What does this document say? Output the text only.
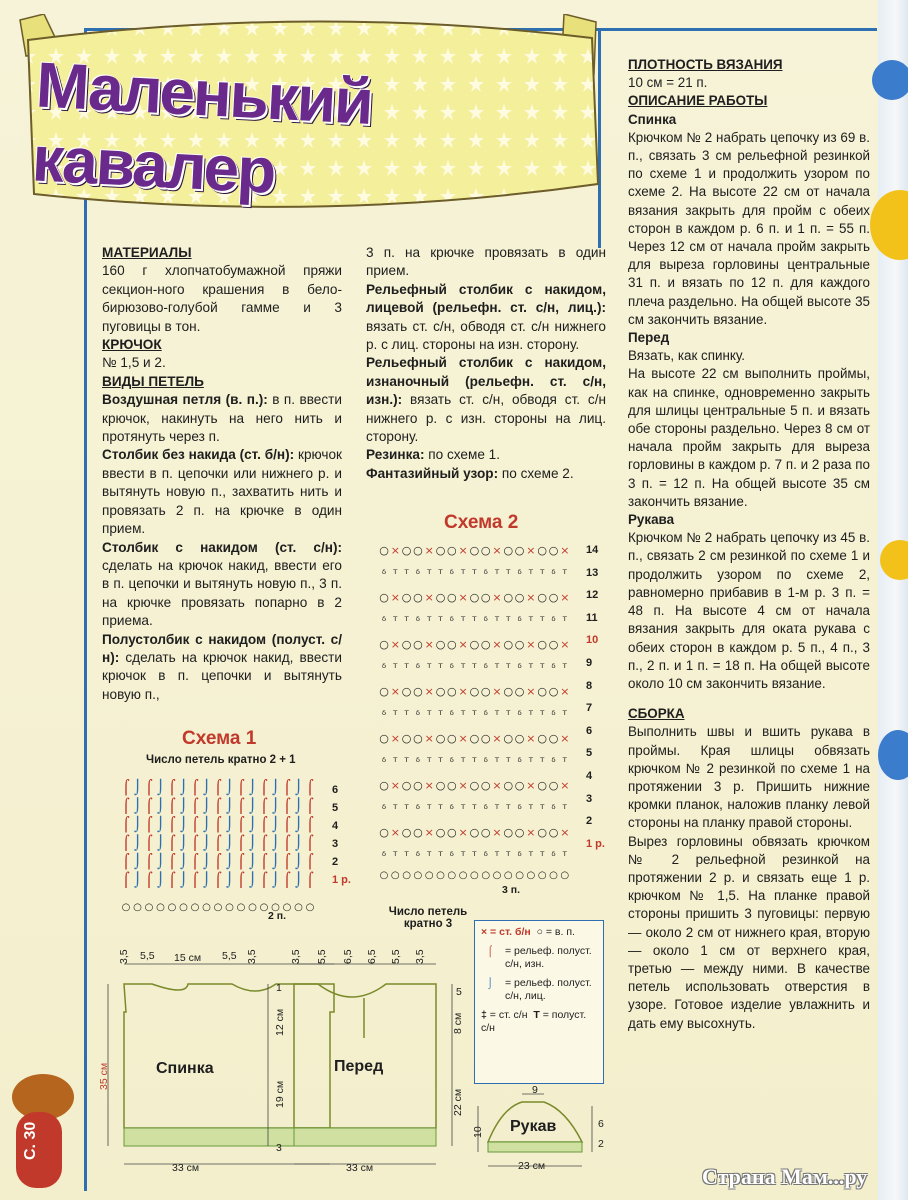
Маленький кавалер

МАТЕРИАЛЫ

160 г хлопчатобумажной пряжи секцион-ного крашения в бело-бирюзово-голубой гамме и 3 пуговицы в тон.

КРЮЧОК

№ 1,5 и 2.

ВИДЫ ПЕТЕЛЬ

Воздушная петля (в. п.): в п. ввести крючок, накинуть на него нить и протянуть через п.

Столбик без накида (ст. б/н): крючок ввести в п. цепочки или нижнего р. и вытянуть новую п., захватить нить и провязать 2 п. на крючке в один прием.

Столбик с накидом (ст. с/н): сделать на крючок накид, ввести его в п. цепочки и вытянуть новую п., 3 п. на крючке провязать попарно в 2 приема.

Полустолбик с накидом (полуст. с/н): сделать на крючок накид, ввести крючок в п. цепочки и вытянуть новую п.,

3 п. на крючке провязать в один прием.

Рельефный столбик с накидом, лицевой (рельефн. ст. с/н, лиц.): вязать ст. с/н, обводя ст. с/н нижнего р. с лиц. стороны на изн. сторону.

Рельефный столбик с накидом, изнаночный (рельефн. ст. с/н, изн.): вязать ст. с/н, обводя ст. с/н нижнего р. с изн. стороны на лиц. сторону.

Резинка: по схеме 1.

Фантазийный узор: по схеме 2.

ПЛОТНОСТЬ ВЯЗАНИЯ

10 см = 21 п.

ОПИСАНИЕ РАБОТЫ

Спинка

Крючком № 2 набрать цепочку из 69 в. п., связать 3 см рельефной резинкой по схеме 1 и продолжить узором по схеме 2. На высоте 22 см от начала вязания закрыть для пройм с обеих сторон в каждом р. 6 п. и 1 п. = 55 п. Через 12 см от начала пройм закрыть для выреза горловины центральные 31 п. и вязать по 12 п. для каждого плеча раздельно. На общей высоте 35 см закончить вязание.

Перед

Вязать, как спинку.

На высоте 22 см выполнить проймы, как на спинке, одновременно закрыть для шлицы центральные 5 п. и вязать обе стороны раздельно. Через 8 см от начала пройм закрыть для выреза горловины в каждом р. 7 п. и 2 раза по 3 п. = 12 п. На общей высоте 35 см закончить вязание.

Рукава

Крючком № 2 набрать цепочку из 45 в. п., связать 2 см резинкой по схеме 1 и продолжить узором по схеме 2, равномерно прибавив в 1-м р. 3 п. = 48 п. На высоте 4 см от начала вязания закрыть для оката рукава с обеих сторон в каждом р. 5 п., 4 п., 3 п., 2 п. и 1 п. = 18 п. На общей высоте около 10 см закончить вязание.

СБОРКА

Выполнить швы и вшить рукава в проймы. Края шлицы обвязать крючком № 2 резинкой по схеме 1 на протяжении 3 р. Пришить нижние кромки планок, наложив планку левой стороны на планку правой стороны.

Вырез горловины обвязать крючком № 2 рельефной резинкой на протяжении 2 р. и связать еще 1 р. крючком № 1,5. На планке правой стороны пришить 3 пуговицы: первую — около 2 см от нижнего края, вторую — около 1 см от верхнего края, третью — между ними. В качестве петель использовать отверстия в узоре. Готовое изделие увлажнить и дать ему высохнуть.

Схема 1
Число петель кратно 2 + 1
⌠ ⌡ ⌠ ⌡ ⌠ ⌡ ⌠ ⌡ ⌠ ⌡ ⌠ ⌡ ⌠ ⌡ ⌠ ⌡ ⌠
⌠ ⌡ ⌠ ⌡ ⌠ ⌡ ⌠ ⌡ ⌠ ⌡ ⌠ ⌡ ⌠ ⌡ ⌠ ⌡ ⌠
⌠ ⌡ ⌠ ⌡ ⌠ ⌡ ⌠ ⌡ ⌠ ⌡ ⌠ ⌡ ⌠ ⌡ ⌠ ⌡ ⌠
⌠ ⌡ ⌠ ⌡ ⌠ ⌡ ⌠ ⌡ ⌠ ⌡ ⌠ ⌡ ⌠ ⌡ ⌠ ⌡ ⌠
⌠ ⌡ ⌠ ⌡ ⌠ ⌡ ⌠ ⌡ ⌠ ⌡ ⌠ ⌡ ⌠ ⌡ ⌠ ⌡ ⌠
⌠ ⌡ ⌠ ⌡ ⌠ ⌡ ⌠ ⌡ ⌠ ⌡ ⌠ ⌡ ⌠ ⌡ ⌠ ⌡ ⌠
○ ○ ○ ○ ○ ○ ○ ○ ○ ○ ○ ○ ○ ○ ○ ○ ○
6
5
4
3
2
1 р.
2 п.
Схема 2
○ × ○ ○ × ○ ○ × ○ ○ × ○ ○ × ○ ○ ×
ᵟ ᵀ ᵀ ᵟ ᵀ ᵀ ᵟ ᵀ ᵀ ᵟ ᵀ ᵀ ᵟ ᵀ ᵀ ᵟ ᵀ
○ × ○ ○ × ○ ○ × ○ ○ × ○ ○ × ○ ○ ×
ᵟ ᵀ ᵀ ᵟ ᵀ ᵀ ᵟ ᵀ ᵀ ᵟ ᵀ ᵀ ᵟ ᵀ ᵀ ᵟ ᵀ
○ × ○ ○ × ○ ○ × ○ ○ × ○ ○ × ○ ○ ×
ᵟ ᵀ ᵀ ᵟ ᵀ ᵀ ᵟ ᵀ ᵀ ᵟ ᵀ ᵀ ᵟ ᵀ ᵀ ᵟ ᵀ
○ × ○ ○ × ○ ○ × ○ ○ × ○ ○ × ○ ○ ×
ᵟ ᵀ ᵀ ᵟ ᵀ ᵀ ᵟ ᵀ ᵀ ᵟ ᵀ ᵀ ᵟ ᵀ ᵀ ᵟ ᵀ
○ × ○ ○ × ○ ○ × ○ ○ × ○ ○ × ○ ○ ×
ᵟ ᵀ ᵀ ᵟ ᵀ ᵀ ᵟ ᵀ ᵀ ᵟ ᵀ ᵀ ᵟ ᵀ ᵀ ᵟ ᵀ
○ × ○ ○ × ○ ○ × ○ ○ × ○ ○ × ○ ○ ×
ᵟ ᵀ ᵀ ᵟ ᵀ ᵀ ᵟ ᵀ ᵀ ᵟ ᵀ ᵀ ᵟ ᵀ ᵀ ᵟ ᵀ
○ × ○ ○ × ○ ○ × ○ ○ × ○ ○ × ○ ○ ×
ᵟ ᵀ ᵀ ᵟ ᵀ ᵀ ᵟ ᵀ ᵀ ᵟ ᵀ ᵀ ᵟ ᵀ ᵀ ᵟ ᵀ
○ ○ ○ ○ ○ ○ ○ ○ ○ ○ ○ ○ ○ ○ ○ ○ ○
14
13
12
11
10
9
8
7
6
5
4
3
2
1 р.
3 п.
Число петель кратно 3
× = ст. б/н ○ = в. п.
⌠ = рельеф. полуст. с/н, изн.
⌡ = рельеф. полуст. с/н, лиц.
‡ = ст. с/н T = полуст. с/н
Спинка	Перед
Рукав
3,5 5,5 15 см 5,5 3,5
35 см
1
12 см
19 см
3
33 см
3,5 5,5 6,5 6,5 5,5 3,5
5
8 см
22 см
33 см
9
10
6
2
23 см
С. 30
Страна Мам...ру
